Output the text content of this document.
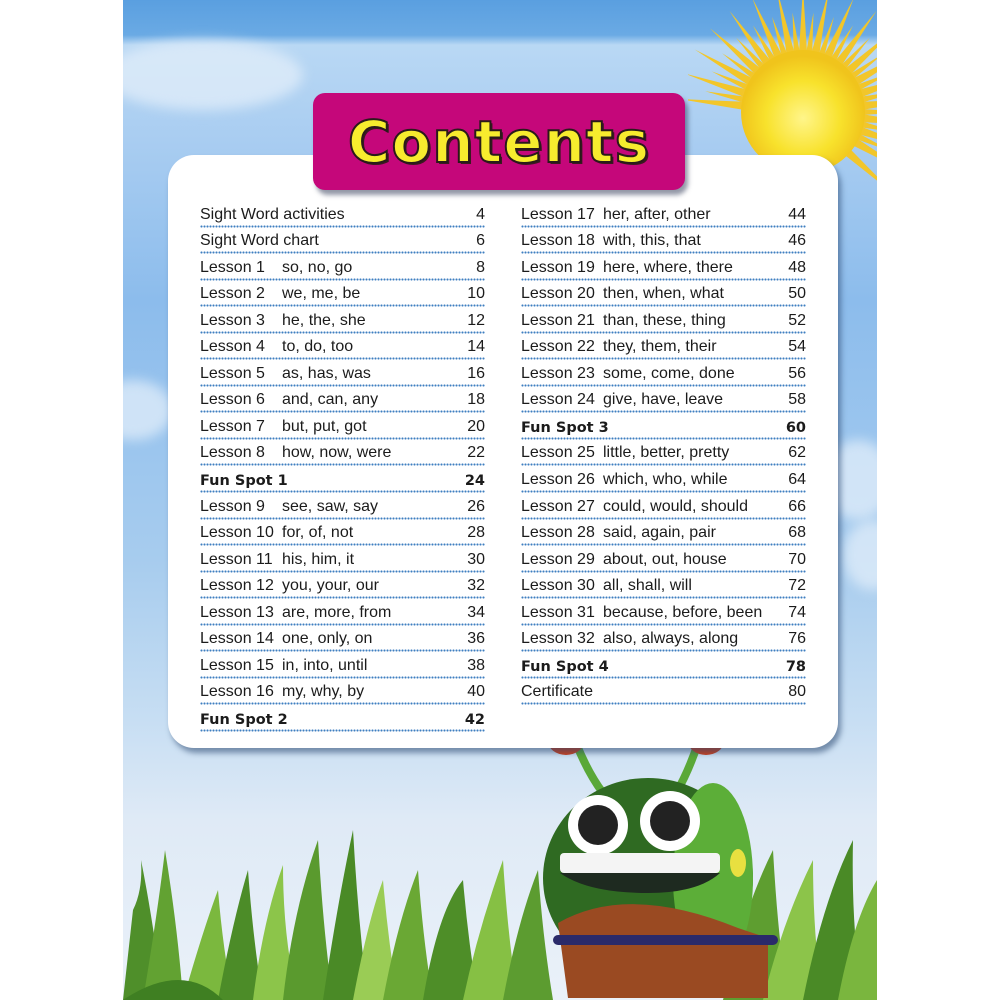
Contents
Sight Word activities	4
Sight Word chart	6
Lesson 1	so, no, go	8
Lesson 2	we, me, be	10
Lesson 3	he, the, she	12
Lesson 4	to, do, too	14
Lesson 5	as, has, was	16
Lesson 6	and, can, any	18
Lesson 7	but, put, got	20
Lesson 8	how, now, were	22
Fun Spot 1	24
Lesson 9	see, saw, say	26
Lesson 10 for, of, not	28
Lesson 11 his, him, it	30
Lesson 12 you, your, our	32
Lesson 13 are, more, from	34
Lesson 14 one, only, on	36
Lesson 15 in, into, until	38
Lesson 16 my, why, by	40
Fun Spot 2	42
Lesson 17 her, after, other	44
Lesson 18 with, this, that	46
Lesson 19 here, where, there	48
Lesson 20 then, when, what	50
Lesson 21 than, these, thing	52
Lesson 22 they, them, their	54
Lesson 23 some, come, done	56
Lesson 24 give, have, leave	58
Fun Spot 3	60
Lesson 25 little, better, pretty	62
Lesson 26 which, who, while	64
Lesson 27 could, would, should	66
Lesson 28 said, again, pair	68
Lesson 29 about, out, house	70
Lesson 30 all, shall, will	72
Lesson 31 because, before, been	74
Lesson 32 also, always, along	76
Fun Spot 4	78
Certificate	80
